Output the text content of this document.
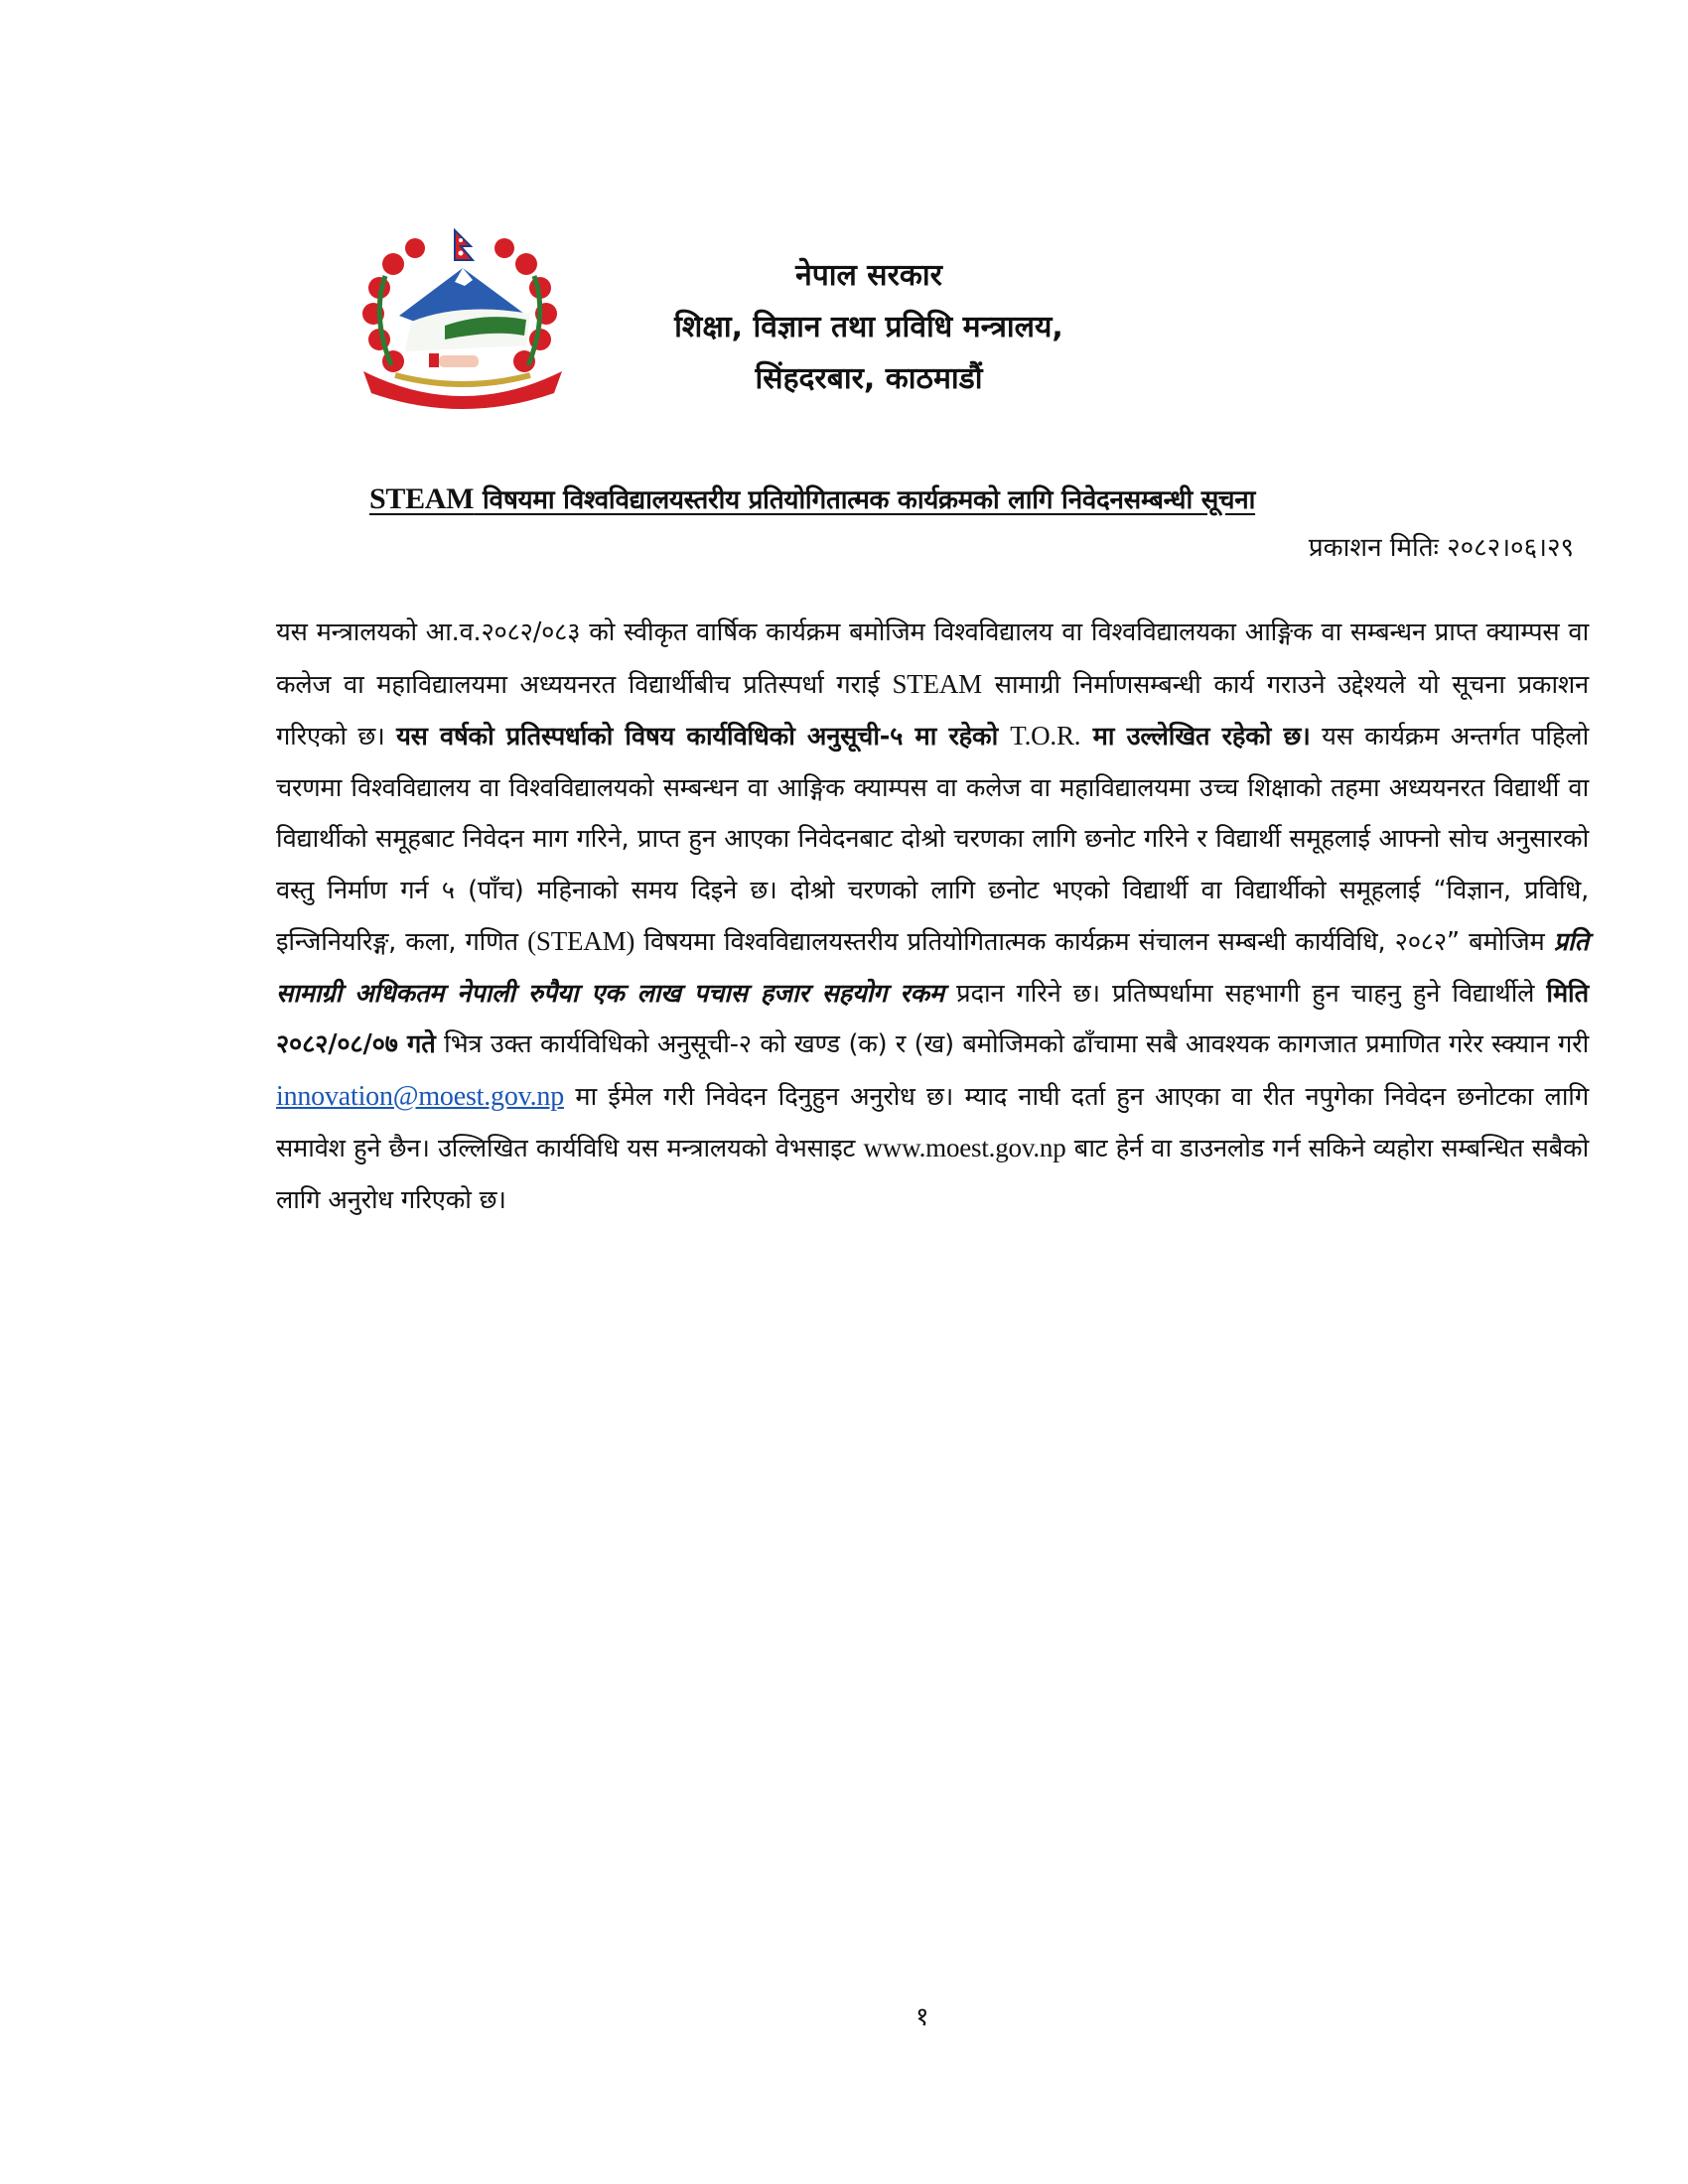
नेपाल सरकार
शिक्षा, विज्ञान तथा प्रविधि मन्त्रालय,
सिंहदरबार, काठमाडौं
STEAM विषयमा विश्वविद्यालयस्तरीय प्रतियोगितात्मक कार्यक्रमको लागि निवेदनसम्बन्धी सूचना
प्रकाशन मितिः २०८२।०६।२९
यस मन्त्रालयको आ.व.२०८२/०८३ को स्वीकृत वार्षिक कार्यक्रम बमोजिम विश्वविद्यालय वा विश्वविद्यालयका आङ्गिक वा सम्बन्धन प्राप्त क्याम्पस वा कलेज वा महाविद्यालयमा अध्ययनरत विद्यार्थीबीच प्रतिस्पर्धा गराई STEAM सामाग्री निर्माणसम्बन्धी कार्य गराउने उद्देश्यले यो सूचना प्रकाशन गरिएको छ। यस वर्षको प्रतिस्पर्धाको विषय कार्यविधिको अनुसूची-५ मा रहेको T.O.R. मा उल्लेखित रहेको छ। यस कार्यक्रम अन्तर्गत पहिलो चरणमा विश्वविद्यालय वा विश्वविद्यालयको सम्बन्धन वा आङ्गिक क्याम्पस वा कलेज वा महाविद्यालयमा उच्च शिक्षाको तहमा अध्ययनरत विद्यार्थी वा विद्यार्थीको समूहबाट निवेदन माग गरिने, प्राप्त हुन आएका निवेदनबाट दोश्रो चरणका लागि छनोट गरिने र विद्यार्थी समूहलाई आफ्नो सोच अनुसारको वस्तु निर्माण गर्न ५ (पाँच) महिनाको समय दिइने छ। दोश्रो चरणको लागि छनोट भएको विद्यार्थी वा विद्यार्थीको समूहलाई “विज्ञान, प्रविधि, इन्जिनियरिङ्ग, कला, गणित (STEAM) विषयमा विश्वविद्यालयस्तरीय प्रतियोगितात्मक कार्यक्रम संचालन सम्बन्धी कार्यविधि, २०८२” बमोजिम प्रति सामाग्री अधिकतम नेपाली रुपैया एक लाख पचास हजार सहयोग रकम प्रदान गरिने छ। प्रतिष्पर्धामा सहभागी हुन चाहनु हुने विद्यार्थीले मिति २०८२/०८/०७ गते भित्र उक्त कार्यविधिको अनुसूची-२ को खण्ड (क) र (ख) बमोजिमको ढाँचामा सबै आवश्यक कागजात प्रमाणित गरेर स्क्यान गरी innovation@moest.gov.np मा ईमेल गरी निवेदन दिनुहुन अनुरोध छ। म्याद नाघी दर्ता हुन आएका वा रीत नपुगेका निवेदन छनोटका लागि समावेश हुने छैन। उल्लिखित कार्यविधि यस मन्त्रालयको वेभसाइट www.moest.gov.np बाट हेर्न वा डाउनलोड गर्न सकिने व्यहोरा सम्बन्धित सबैको लागि अनुरोध गरिएको छ।
१
